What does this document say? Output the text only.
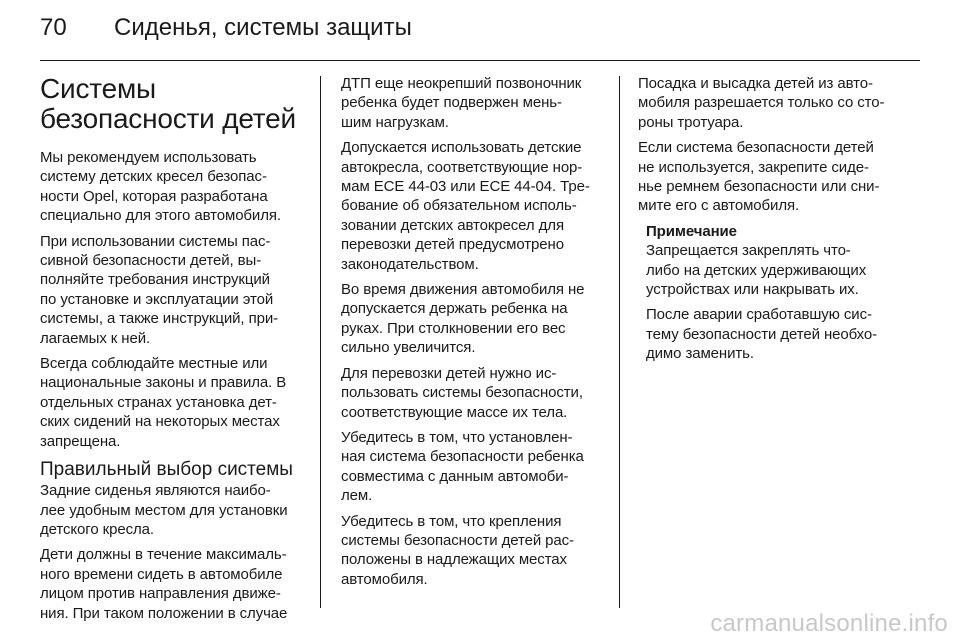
70	Сиденья, системы защиты
Системы
безопасности детей

Мы рекомендуем использовать
систему детских кресел безопас-
ности Opel, которая разработана
специально для этого автомобиля.

При использовании системы пас-
сивной безопасности детей, вы-
полняйте требования инструкций
по установке и эксплуатации этой
системы, а также инструкций, при-
лагаемых к ней.

Всегда соблюдайте местные или
национальные законы и правила. В
отдельных странах установка дет-
ских сидений на некоторых местах
запрещена.

Правильный выбор системы

Задние сиденья являются наибо-
лее удобным местом для установки
детского кресла.

Дети должны в течение максималь-
ного времени сидеть в автомобиле
лицом против направления движе-
ния. При таком положении в случае

ДТП еще неокрепший позвоночник
ребенка будет подвержен мень-
шим нагрузкам.

Допускается использовать детские
автокресла, соответствующие нор-
мам ЕСЕ 44-03 или ЕСЕ 44-04. Тре-
бование об обязательном исполь-
зовании детских автокресел для
перевозки детей предусмотрено
законодательством.

Во время движения автомобиля не
допускается держать ребенка на
руках. При столкновении его вес
сильно увеличится.

Для перевозки детей нужно ис-
пользовать системы безопасности,
соответствующие массе их тела.

Убедитесь в том, что установлен-
ная система безопасности ребенка
совместима с данным автомоби-
лем.

Убедитесь в том, что крепления
системы безопасности детей рас-
положены в надлежащих местах
автомобиля.

Посадка и высадка детей из авто-
мобиля разрешается только со сто-
роны тротуара.

Если система безопасности детей
не используется, закрепите сиде-
нье ремнем безопасности или сни-
мите его с автомобиля.

Примечание

Запрещается закреплять что-
либо на детских удерживающих
устройствах или накрывать их.

После аварии сработавшую сис-
тему безопасности детей необхо-
димо заменить.

carmanualsonline.info
